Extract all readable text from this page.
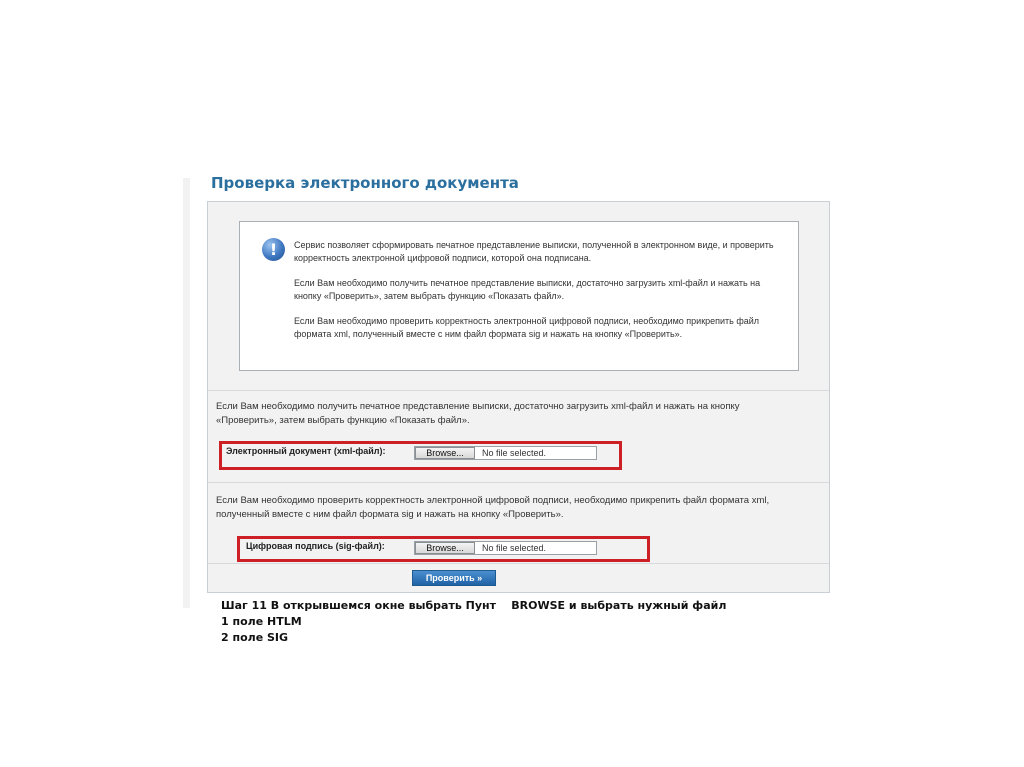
Проверка электронного документа
!	Сервис позволяет сформировать печатное представление выписки, полученной в электронном виде, и проверить корректность электронной цифровой подписи, которой она подписана.
Если Вам необходимо получить печатное представление выписки, достаточно загрузить xml-файл и нажать на кнопку «Проверить», затем выбрать функцию «Показать файл».
Если Вам необходимо проверить корректность электронной цифровой подписи, необходимо прикрепить файл формата xml, полученный вместе с ним файл формата sig и нажать на кнопку «Проверить».
Если Вам необходимо получить печатное представление выписки, достаточно загрузить xml-файл и нажать на кнопку «Проверить», затем выбрать функцию «Показать файл».
Электронный документ (xml-файл):	Browse...	No file selected.
Если Вам необходимо проверить корректность электронной цифровой подписи, необходимо прикрепить файл формата xml, полученный вместе с ним файл формата sig и нажать на кнопку «Проверить».
Цифровая подпись (sig-файл):	Browse...	No file selected.
Проверить »
Шаг 11 В открывшемся окне выбрать Пунт    BROWSE и выбрать нужный файл
1 поле HTLM
2 поле SIG
